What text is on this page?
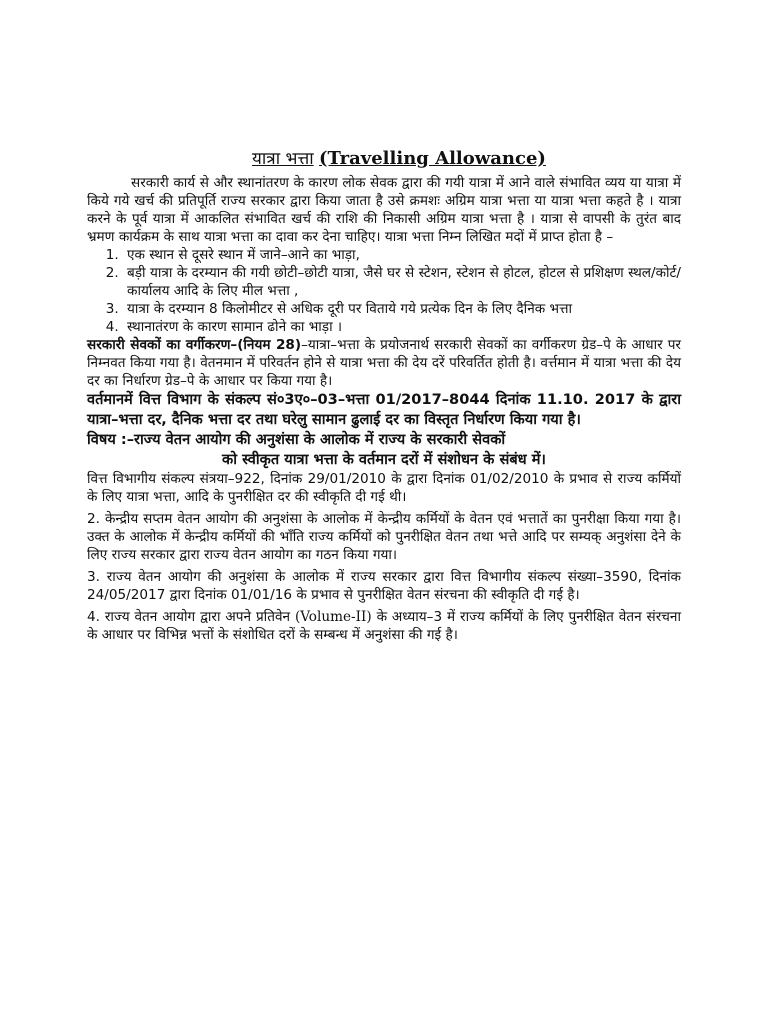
यात्रा भत्ता (Travelling Allowance)

सरकारी कार्य से और स्थानांतरण के कारण लोक सेवक द्वारा की गयी यात्रा में आने वाले संभावित व्यय या यात्रा में किये गये खर्च की प्रतिपूर्ति राज्य सरकार द्वारा किया जाता है उसे क्रमशः अग्रिम यात्रा भत्ता या यात्रा भत्ता कहते है । यात्रा करने के पूर्व यात्रा में आकलित संभावित खर्च की राशि की निकासी अग्रिम यात्रा भत्ता है । यात्रा से वापसी के तुरंत बाद भ्रमण कार्यक्रम के साथ यात्रा भत्ता का दावा कर देना चाहिए। यात्रा भत्ता निम्न लिखित मदों में प्राप्त होता है –

1. एक स्थान से दूसरे स्थान में जाने–आने का भाड़ा,
2. बड़ी यात्रा के दरम्यान की गयी छोटी–छोटी यात्रा, जैसे घर से स्टेशन, स्टेशन से होटल, होटल से प्रशिक्षण स्थल/कोर्ट/कार्यालय आदि के लिए मील भत्ता ,
3. यात्रा के दरम्यान 8 किलोमीटर से अधिक दूरी पर विताये गये प्रत्येक दिन के लिए दैनिक भत्ता
4. स्थानातंरण के कारण सामान ढोने का भाड़ा ।

सरकारी सेवकों का वर्गीकरण–(नियम 28)–यात्रा–भत्ता के प्रयोजनार्थ सरकारी सेवकों का वर्गीकरण ग्रेड–पे के आधार पर निम्नवत किया गया है। वेतनमान में परिवर्तन होने से यात्रा भत्ता की देय दरें परिवर्तित होती है। वर्त्तमान में यात्रा भत्ता की देय दर का निर्धारण ग्रेड–पे के आधार पर किया गया है।

वर्तमानमें वित्त विभाग के संकल्प सं०3ए०–03–भत्ता 01/2017–8044 दिनांक 11.10. 2017 के द्वारा यात्रा–भत्ता दर, दैनिक भत्ता दर तथा घरेलु सामान ढुलाई दर का विस्तृत निर्धारण किया गया है।

विषय :–राज्य वेतन आयोग की अनुशंसा के आलोक में राज्य के सरकारी सेवकों

को स्वीकृत यात्रा भत्ता के वर्तमान दरों में संशोधन के संबंध में।

वित्त विभागीय संकल्प संत्रया–922, दिनांक 29/01/2010 के द्वारा दिनांक 01/02/2010 के प्रभाव से राज्य कर्मियों के लिए यात्रा भत्ता, आदि के पुनरीक्षित दर की स्वीकृति दी गई थी।

2. केन्द्रीय सप्तम वेतन आयोग की अनुशंसा के आलोक में केन्द्रीय कर्मियों के वेतन एवं भत्तातें का पुनरीक्षा किया गया है। उक्त के आलोक में केन्द्रीय कर्मियों की भाँति राज्य कर्मियों को पुनरीक्षित वेतन तथा भत्ते आदि पर सम्यक् अनुशंसा देने के लिए राज्य सरकार द्वारा राज्य वेतन आयोग का गठन किया गया।

3. राज्य वेतन आयोग की अनुशंसा के आलोक में राज्य सरकार द्वारा वित्त विभागीय संकल्प संख्या–3590, दिनांक 24/05/2017 द्वारा दिनांक 01/01/16 के प्रभाव से पुनरीक्षित वेतन संरचना की स्वीकृति दी गई है।

4. राज्य वेतन आयोग द्वारा अपने प्रतिवेन (Volume-II) के अध्याय–3 में राज्य कर्मियों के लिए पुनरीक्षित वेतन संरचना के आधार पर विभिन्न भत्तों के संशोधित दरों के सम्बन्ध में अनुशंसा की गई है।
